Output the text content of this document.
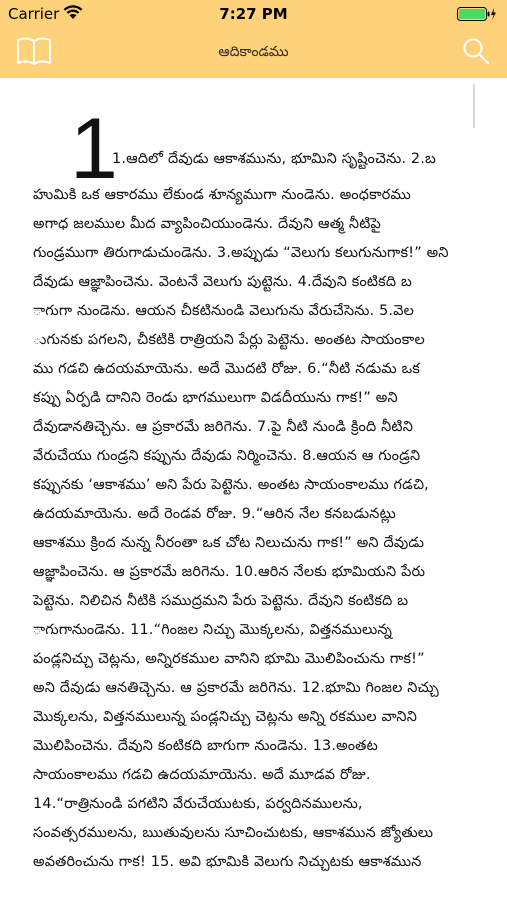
Carrier	7:27 PM
ఆదికాండము
1
1.ఆదిలో దేవుడు ఆకాశమును, భూమిని సృష్టించెను. 2.బ
హుమికి ఒక ఆకారము లేకుండ శూన్యముగా నుండెను. అంధకారము
అగాధ జలముల మీద వ్యాపించియుండెను. దేవుని ఆత్మ నీటిపై
గుండ్రముగా తిరుగాడుచుండెను. 3.అప్పుడు “వెలుగు కలుగునుగాక!” అని
దేవుడు ఆజ్ఞాపించెను. వెంటనే వెలుగు పుట్టెను. 4.దేవుని కంటికది బ
ాగుగా నుండెను. ఆయన చీకటినుండి వెలుగును వేరుచేసెను. 5.వెల
ుగునకు పగలని, చీకటికి రాత్రియని పేర్లు పెట్టెను. అంతట సాయంకాల
ము గడచి ఉదయమాయెను. అదే మొదటి రోజు. 6.“నీటి నడుమ ఒక
కప్పు ఏర్పడి దానిని రెండు భాగములుగా విడదీయును గాక!” అని
దేవుడానతిచ్చెను. ఆ ప్రకారమే జరిగెను. 7.పై నీటి నుండి క్రింది నీటిని
వేరుచేయు గుండ్రని కప్పును దేవుడు నిర్మించెను. 8.ఆయన ఆ గుండ్రని
కప్పునకు ‘ఆకాశము’ అని పేరు పెట్టెను. అంతట సాయంకాలము గడచి,
ఉదయమాయెను. అదే రెండవ రోజు. 9.“ఆరిన నేల కనబడునట్లు
ఆకాశము క్రింద నున్న నీరంతా ఒక చోట నిలుచును గాక!” అని దేవుడు
ఆజ్ఞాపించెను. ఆ ప్రకారమే జరిగెను. 10.ఆరిన నేలకు భూమియని పేరు
పెట్టెను. నిలిచిన నీటికి సముద్రమని పేరు పెట్టెను. దేవుని కంటికది బ
ాగుగానుండెను. 11.“గింజల నిచ్చు మొక్కలను, విత్తనములున్న
పండ్లనిచ్చు చెట్లను, అన్నిరకముల వానిని భూమి మొలిపించును గాక!”
అని దేవుడు ఆనతిచ్చెను. ఆ ప్రకారమే జరిగెను. 12.భూమి గింజల నిచ్చు
మొక్కలను, విత్తనములున్న పండ్లనిచ్చు చెట్లను అన్ని రకముల వానిని
మొలిపించెను. దేవుని కంటికది బాగుగా నుండెను. 13.అంతట
సాయంకాలము గడచి ఉదయమాయెను. అదే మూడవ రోజు.
14.“రాత్రినుండి పగటిని వేరుచేయుటకు, పర్వదినములను,
సంవత్సరములను, ఋతువులను సూచించుటకు, ఆకాశమున జ్యోతులు
అవతరించును గాక! 15. అవి భూమికి వెలుగు నిచ్చుటకు ఆకాశమున
